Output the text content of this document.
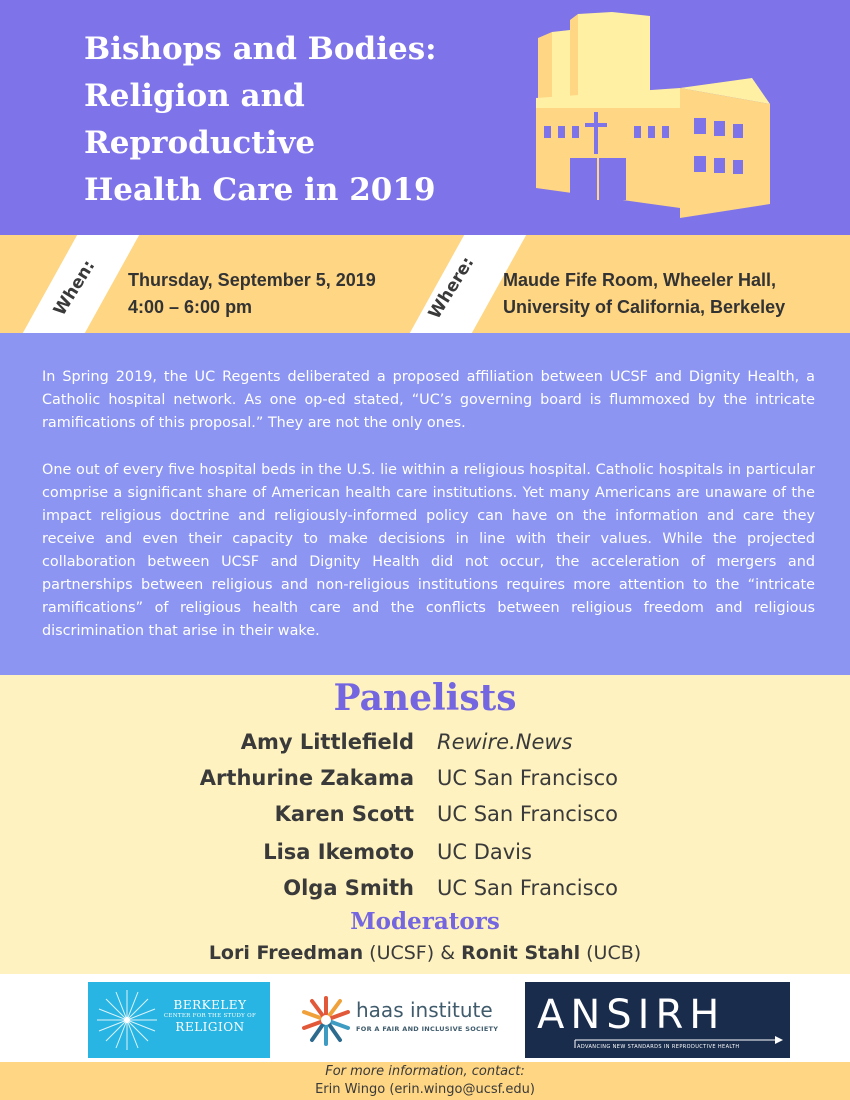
Bishops and Bodies:
Religion and
Reproductive
Health Care in 2019
When:	Where:
Thursday, September 5, 2019
4:00 – 6:00 pm
Maude Fife Room, Wheeler Hall,
University of California, Berkeley

In Spring 2019, the UC Regents deliberated a proposed affiliation between UCSF and Dignity Health, a Catholic hospital network. As one op-ed stated, “UC’s governing board is flummoxed by the intricate ramifications of this proposal.” They are not the only ones.

One out of every five hospital beds in the U.S. lie within a religious hospital. Catholic hospitals in particular comprise a significant share of American health care institutions. Yet many Americans are unaware of the impact religious doctrine and religiously-informed policy can have on the information and care they receive and even their capacity to make decisions in line with their values. While the projected collaboration between UCSF and Dignity Health did not occur, the acceleration of mergers and partnerships between religious and non-religious institutions requires more attention to the “intricate ramifications” of religious health care and the conflicts between religious freedom and religious discrimination that arise in their wake.

Panelists
Amy Littlefield Rewire.News
Arthurine Zakama UC San Francisco
Karen Scott UC San Francisco
Lisa Ikemoto UC Davis
Olga Smith UC San Francisco
Moderators
Lori Freedman (UCSF) & Ronit Stahl (UCB)
BERKELEY
CENTER FOR THE STUDY OF
RELIGION
haas institute
FOR A FAIR AND INCLUSIVE SOCIETY ANSIRH
ADVANCING NEW STANDARDS IN REPRODUCTIVE HEALTH
For more information, contact:
Erin Wingo (erin.wingo@ucsf.edu)
